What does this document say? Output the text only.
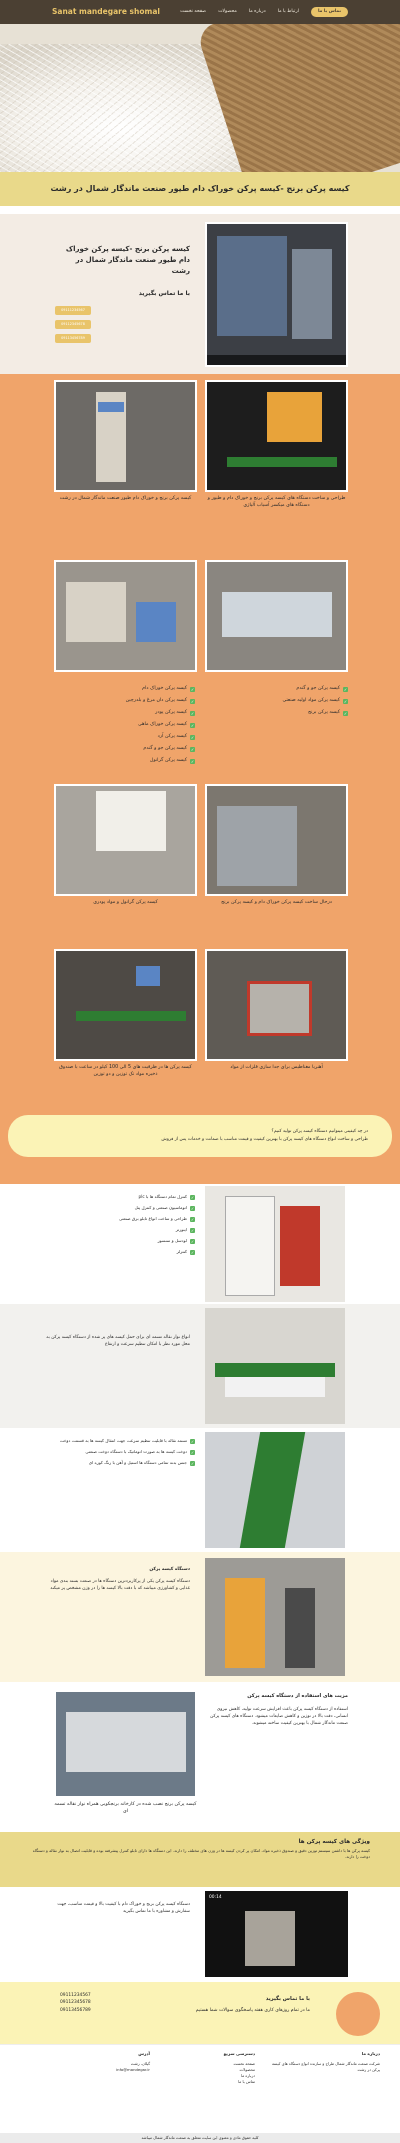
Sanat mandegare shomal	تماس با ما
ارتباط با ما
درباره ما
محصولات
صفحه نخست
کیسه پرکن برنج -کیسه پرکن خوراک دام طیور صنعت ماندگار شمال در رشت
کیسه پرکن برنج -کیسه پرکن خوراک دام طیور صنعت ماندگار شمال در رشت
با ما تماس بگیرید
09111234567
09112345678
09113456789
طراحی و ساخت دستگاه های کیسه پرکن برنج و خوراک دام و طیور و دستگاه های میکسر آسیاب آلیاژی
کیسه پرکن برنج و خوراک دام طیور صنعت ماندگار شمال در رشت
✓
کیسه پرکن جو و گندم
✓
کیسه پرکن مواد اولیه صنعتی
✓
کیسه پرکن برنج
✓
کیسه پرکن خوراک دام
✓
کیسه پرکن دان مرغ و بلدرچین
✓
کیسه پرکن پودر
✓
کیسه پرکن خوراک ماهی
✓
کیسه پرکن آرد
✓
کیسه پرکن جو و گندم
✓
کیسه پرکن گرانول
درحال ساخت کیسه پرکن خوراک دام و کیسه پرکن برنج
کیسه پرکن گرانول و مواد پودری
آهنربا مغناطیس برای جدا سازی فلزات از مواد
کیسه پرکن ها در ظرفیت های 5 الی 100 کیلو در ساعت با صندوق ذخیره مواد تک توزین و دو توزین

در چه کیفیتی میتوانیم دستگاه کیسه پرکن تولید کنیم؟

طراحی و ساخت انواع دستگاه های کیسه پرکن با بهترین کیفیت و قیمت مناسب با ضمانت و خدمات پس از فروش

✓
کنترل تمام دستگاه ها با plc
✓
اتوماسیون صنعتی و کنترل پنل
✓
طراحی و ساخت انواع تابلو برق صنعتی
✓
اینورتر
✓
لودسل و سنسور
✓
کنترلر
انواع نوار نقاله تسمه ای برای حمل کیسه های پر شده از دستگاه کیسه پرکن به محل مورد نظر با امکان تنظیم سرعت و ارتفاع
✓
تسمه نقاله با قابلیت تنظیم سرعت جهت انتقال کیسه ها به قسمت دوخت
✓
دوخت کیسه ها به صورت اتوماتیک با دستگاه دوخت صنعتی
✓
جنس بدنه تمامی دستگاه ها استیل و آهن با رنگ کوره ای
دستگاه کیسه پرکن
دستگاه کیسه پرکن یکی از پرکاربردترین دستگاه ها در صنعت بسته بندی مواد غذایی و کشاورزی میباشد که با دقت بالا کیسه ها را در وزن مشخص پر میکند
مزیت های استفاده از دستگاه کیسه پرکن
استفاده از دستگاه کیسه پرکن باعث افزایش سرعت تولید، کاهش نیروی انسانی، دقت بالا در توزین و کاهش ضایعات میشود. دستگاه های کیسه پرکن صنعت ماندگار شمال با بهترین کیفیت ساخته میشوند.
کیسه پرکن برنج نصب شده در کارخانه برنجکوبی همراه نوار نقاله تسمه ای
ویژگی های کیسه پرکن ها

کیسه پرکن ها با داشتن سیستم توزین دقیق و صندوق ذخیره مواد، امکان پر کردن کیسه ها در وزن های مختلف را دارند. این دستگاه ها دارای تابلو کنترل پیشرفته بوده و قابلیت اتصال به نوار نقاله و دستگاه دوخت را دارند.

00:14
دستگاه کیسه پرکن برنج و خوراک دام با کیفیت بالا و قیمت مناسب، جهت سفارش و مشاوره با ما تماس بگیرید
با ما تماس بگیرید
ما در تمام روزهای کاری هفته پاسخگوی سوالات شما هستیم
09111234567
09112345678
09113456789
درباره ما
شرکت صنعت ماندگار شمال طراح و سازنده انواع دستگاه های کیسه پرکن در رشت
دسترسی سریع
صفحه نخست
محصولات
درباره ما
تماس با ما
آدرس
گیلان، رشت
info@mandegar.ir
کلیه حقوق مادی و معنوی این سایت متعلق به صنعت ماندگار شمال میباشد
